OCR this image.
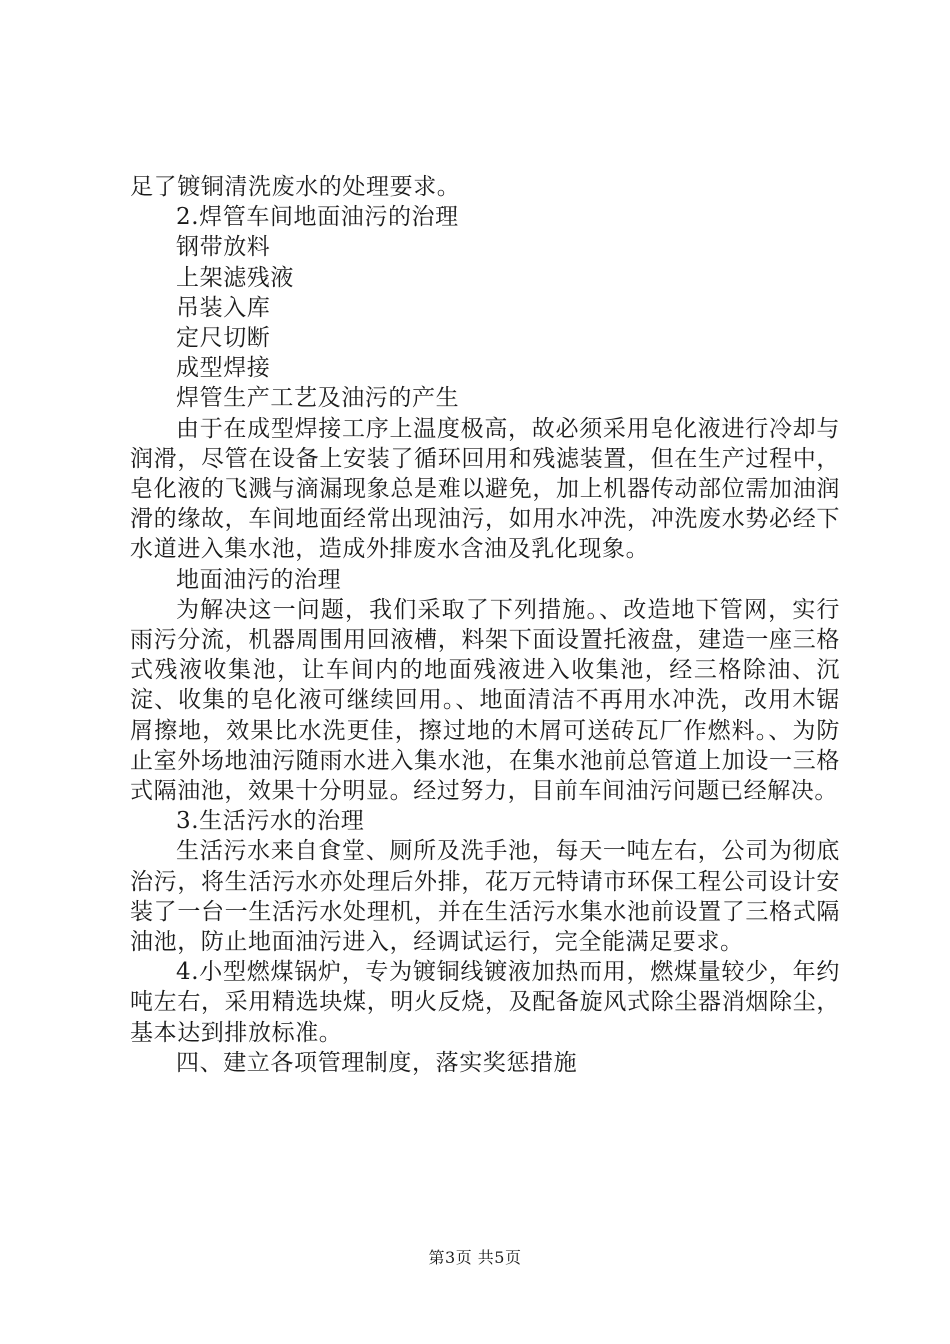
足了镀铜清洗废水的处理要求。

2.焊管车间地面油污的治理

钢带放料

上架滤残液

吊装入库

定尺切断

成型焊接

焊管生产工艺及油污的产生

由于在成型焊接工序上温度极高，故必须采用皂化液进行冷却与润滑，尽管在设备上安装了循环回用和残滤装置，但在生产过程中，皂化液的飞溅与滴漏现象总是难以避免，加上机器传动部位需加油润滑的缘故，车间地面经常出现油污，如用水冲洗，冲洗废水势必经下水道进入集水池，造成外排废水含油及乳化现象。

地面油污的治理

为解决这一问题，我们采取了下列措施。、改造地下管网，实行雨污分流，机器周围用回液槽，料架下面设置托液盘，建造一座三格式残液收集池，让车间内的地面残液进入收集池，经三格除油、沉淀、收集的皂化液可继续回用。、地面清洁不再用水冲洗，改用木锯屑擦地，效果比水洗更佳，擦过地的木屑可送砖瓦厂作燃料。、为防止室外场地油污随雨水进入集水池，在集水池前总管道上加设一三格式隔油池，效果十分明显。经过努力，目前车间油污问题已经解决。

3.生活污水的治理

生活污水来自食堂、厕所及洗手池，每天一吨左右，公司为彻底治污，将生活污水亦处理后外排，花万元特请市环保工程公司设计安装了一台一生活污水处理机，并在生活污水集水池前设置了三格式隔油池，防止地面油污进入，经调试运行，完全能满足要求。

4.小型燃煤锅炉，专为镀铜线镀液加热而用，燃煤量较少，年约吨左右，采用精选块煤，明火反烧，及配备旋风式除尘器消烟除尘，基本达到排放标准。

四、建立各项管理制度，落实奖惩措施

第3页 共5页
